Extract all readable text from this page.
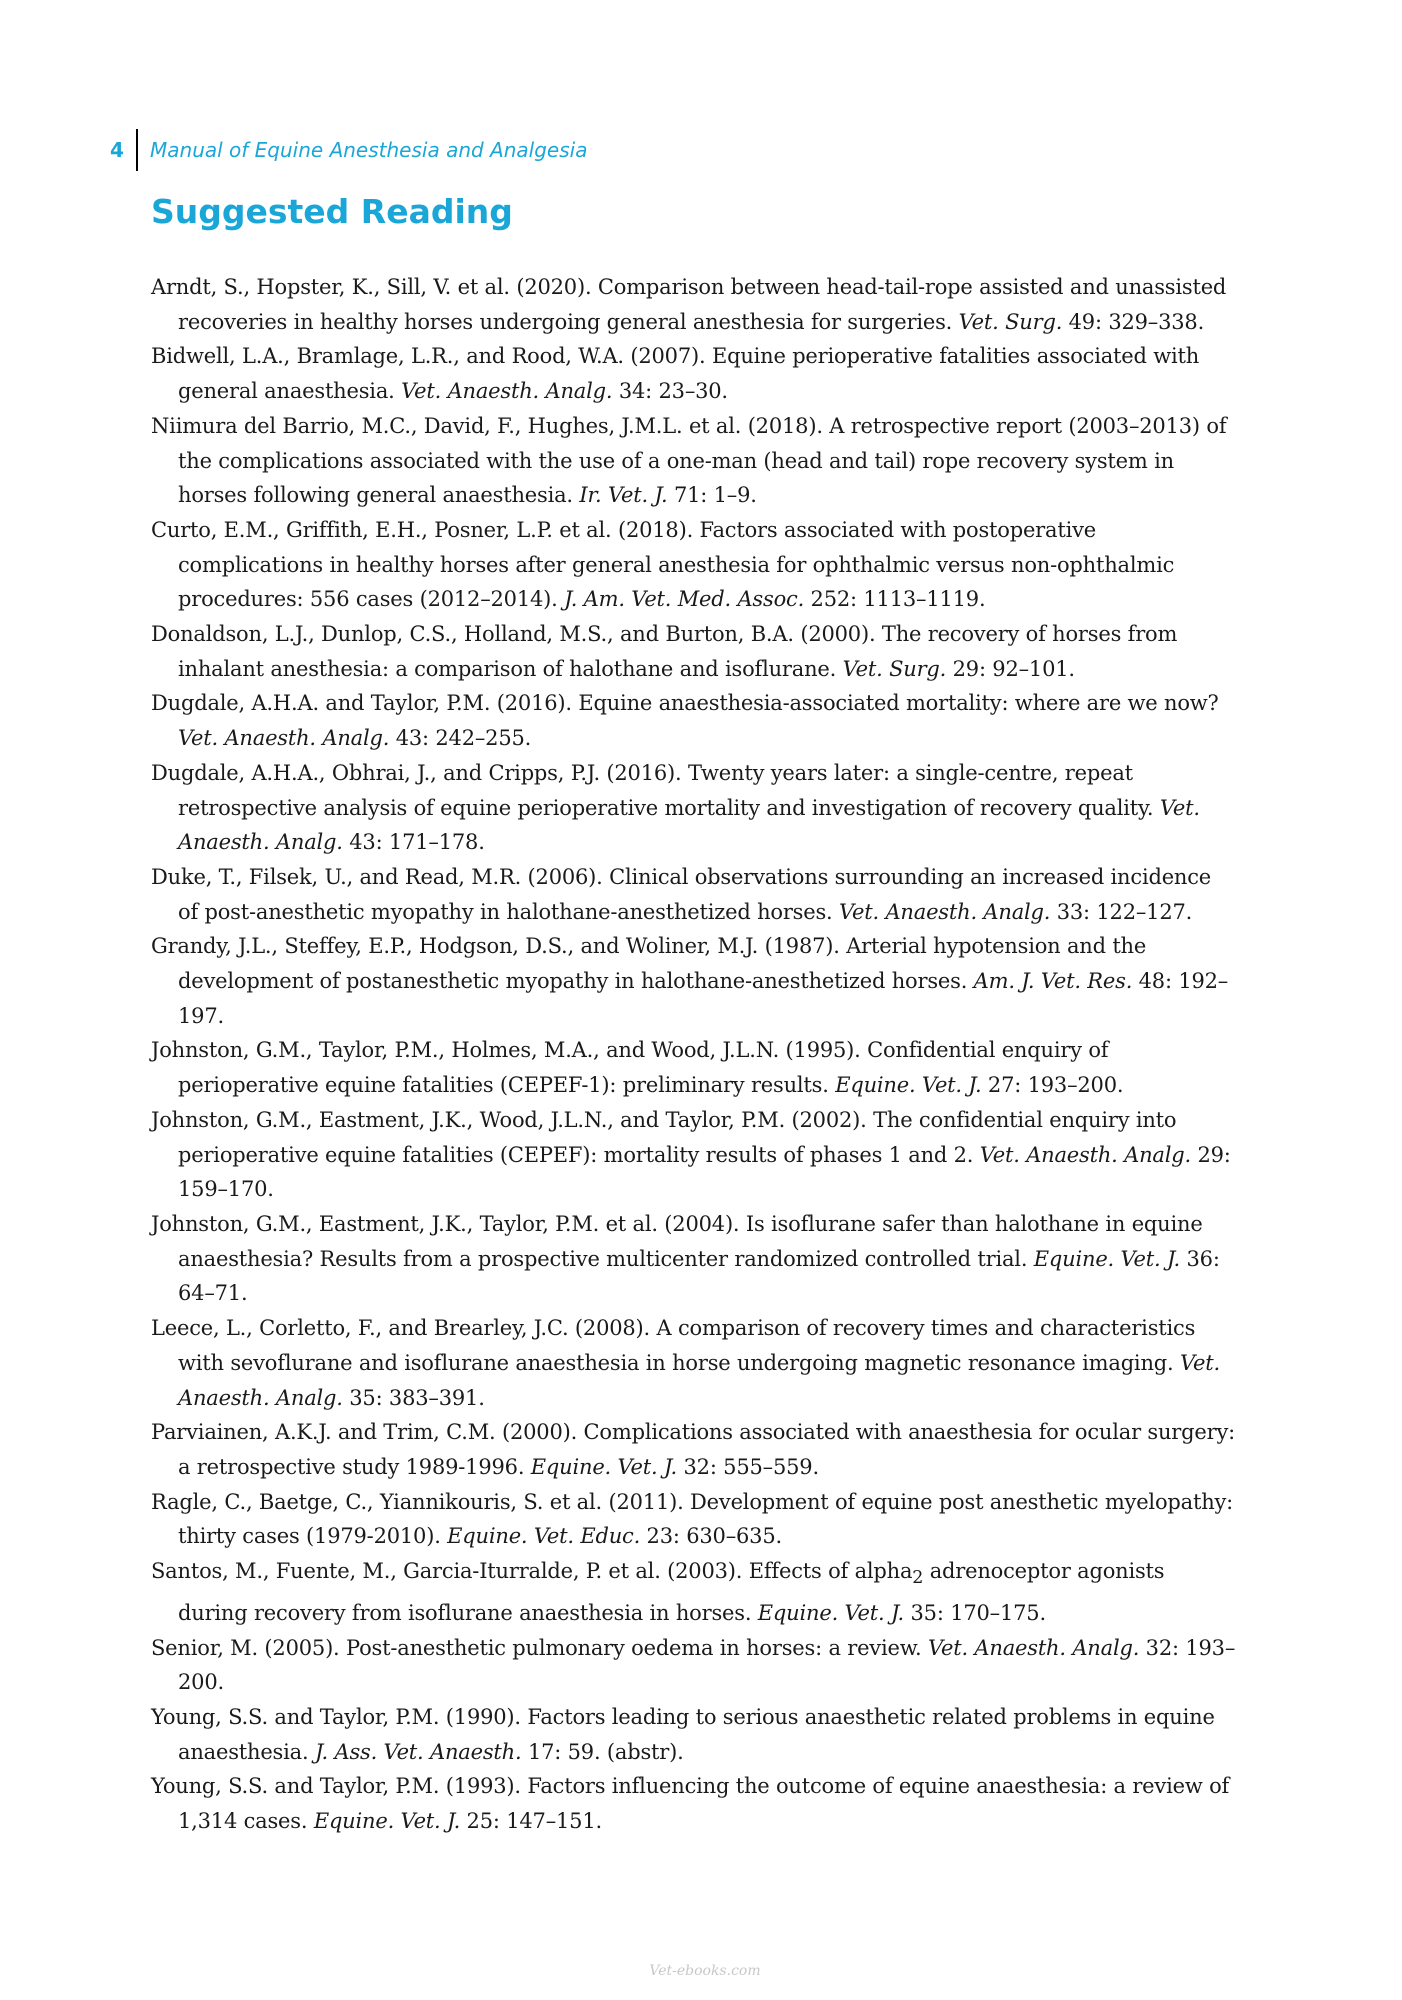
4	Manual of Equine Anesthesia and Analgesia
Suggested Reading
Arndt, S., Hopster, K., Sill, V. et al. (2020). Comparison between head-tail-rope assisted and unassisted recoveries in healthy horses undergoing general anesthesia for surgeries. Vet. Surg. 49: 329–338.
Bidwell, L.A., Bramlage, L.R., and Rood, W.A. (2007). Equine perioperative fatalities associated with general anaesthesia. Vet. Anaesth. Analg. 34: 23–30.
Niimura del Barrio, M.C., David, F., Hughes, J.M.L. et al. (2018). A retrospective report (2003–2013) of the complications associated with the use of a one-man (head and tail) rope recovery system in horses following general anaesthesia. Ir. Vet. J. 71: 1–9.
Curto, E.M., Griffith, E.H., Posner, L.P. et al. (2018). Factors associated with postoperative complications in healthy horses after general anesthesia for ophthalmic versus non-ophthalmic procedures: 556 cases (2012–2014). J. Am. Vet. Med. Assoc. 252: 1113–1119.
Donaldson, L.J., Dunlop, C.S., Holland, M.S., and Burton, B.A. (2000). The recovery of horses from inhalant anesthesia: a comparison of halothane and isoflurane. Vet. Surg. 29: 92–101.
Dugdale, A.H.A. and Taylor, P.M. (2016). Equine anaesthesia-associated mortality: where are we now? Vet. Anaesth. Analg. 43: 242–255.
Dugdale, A.H.A., Obhrai, J., and Cripps, P.J. (2016). Twenty years later: a single-centre, repeat retrospective analysis of equine perioperative mortality and investigation of recovery quality. Vet. Anaesth. Analg. 43: 171–178.
Duke, T., Filsek, U., and Read, M.R. (2006). Clinical observations surrounding an increased incidence of post-anesthetic myopathy in halothane-anesthetized horses. Vet. Anaesth. Analg. 33: 122–127.
Grandy, J.L., Steffey, E.P., Hodgson, D.S., and Woliner, M.J. (1987). Arterial hypotension and the development of postanesthetic myopathy in halothane-anesthetized horses. Am. J. Vet. Res. 48: 192–197.
Johnston, G.M., Taylor, P.M., Holmes, M.A., and Wood, J.L.N. (1995). Confidential enquiry of perioperative equine fatalities (CEPEF-1): preliminary results. Equine. Vet. J. 27: 193–200.
Johnston, G.M., Eastment, J.K., Wood, J.L.N., and Taylor, P.M. (2002). The confidential enquiry into perioperative equine fatalities (CEPEF): mortality results of phases 1 and 2. Vet. Anaesth. Analg. 29: 159–170.
Johnston, G.M., Eastment, J.K., Taylor, P.M. et al. (2004). Is isoflurane safer than halothane in equine anaesthesia? Results from a prospective multicenter randomized controlled trial. Equine. Vet. J. 36: 64–71.
Leece, L., Corletto, F., and Brearley, J.C. (2008). A comparison of recovery times and characteristics with sevoflurane and isoflurane anaesthesia in horse undergoing magnetic resonance imaging. Vet. Anaesth. Analg. 35: 383–391.
Parviainen, A.K.J. and Trim, C.M. (2000). Complications associated with anaesthesia for ocular surgery: a retrospective study 1989-1996. Equine. Vet. J. 32: 555–559.
Ragle, C., Baetge, C., Yiannikouris, S. et al. (2011). Development of equine post anesthetic myelopathy: thirty cases (1979-2010). Equine. Vet. Educ. 23: 630–635.
Santos, M., Fuente, M., Garcia-Iturralde, P. et al. (2003). Effects of alpha$_2$ adrenoceptor agonists during recovery from isoflurane anaesthesia in horses. Equine. Vet. J. 35: 170–175.
Senior, M. (2005). Post-anesthetic pulmonary oedema in horses: a review. Vet. Anaesth. Analg. 32: 193–200.
Young, S.S. and Taylor, P.M. (1990). Factors leading to serious anaesthetic related problems in equine anaesthesia. J. Ass. Vet. Anaesth. 17: 59. (abstr).
Young, S.S. and Taylor, P.M. (1993). Factors influencing the outcome of equine anaesthesia: a review of 1,314 cases. Equine. Vet. J. 25: 147–151.
Vet-ebooks.com
